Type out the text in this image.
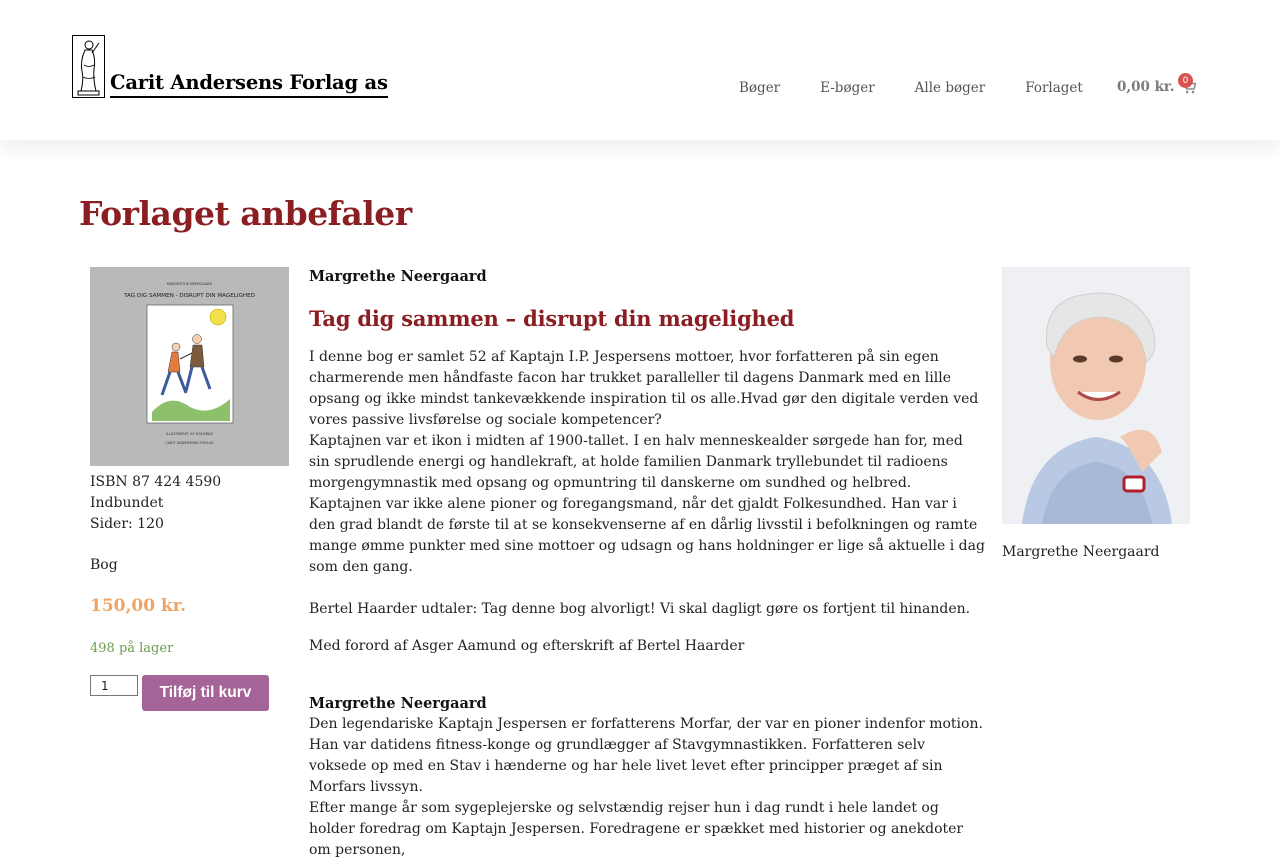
Carit Andersens Forlag as	Bøger	E-bøger	Alle bøger	Forlaget	0,00 kr. 0
Forlaget anbefaler
MARGRETHE NEERGAARD
TAG DIG SAMMEN - DISRUPT DIN MAGELIGHED
ILLUSTRERET AF K.M.BRAD
CARIT ANDERSENS FORLAG
ISBN 87 424 4590
Indbundet
Sider: 120
Bog
150,00 kr.
498 på lager
1
Tilføj til kurv
Margrethe Neergaard
Tag dig sammen – disrupt din magelighed

I denne bog er samlet 52 af Kaptajn I.P. Jespersens mottoer, hvor forfatteren på sin egen charmerende men håndfaste facon har trukket paralleller til dagens Danmark med en lille opsang og ikke mindst tankevækkende inspiration til os alle.Hvad gør den digitale verden ved vores passive livsførelse og sociale kompetencer?

Kaptajnen var et ikon i midten af 1900-tallet. I en halv menneskealder sørgede han for, med sin sprudlende energi og handlekraft, at holde familien Danmark tryllebundet til radioens morgengymnastik med opsang og opmuntring til danskerne om sundhed og helbred. Kaptajnen var ikke alene pioner og foregangsmand, når det gjaldt Folkesundhed. Han var i den grad blandt de første til at se konsekvenserne af en dårlig livsstil i befolkningen og ramte mange ømme punkter med sine mottoer og udsagn og hans holdninger er lige så aktuelle i dag som den gang.

Bertel Haarder udtaler: Tag denne bog alvorligt! Vi skal dagligt gøre os fortjent til hinanden.

Med forord af Asger Aamund og efterskrift af Bertel Haarder

Margrethe Neergaard

Den legendariske Kaptajn Jespersen er forfatterens Morfar, der var en pioner indenfor motion. Han var datidens fitness-konge og grundlægger af Stavgymnastikken. Forfatteren selv voksede op med en Stav i hænderne og har hele livet levet efter principper præget af sin Morfars livssyn.

Efter mange år som sygeplejerske og selvstændig rejser hun i dag rundt i hele landet og holder foredrag om Kaptajn Jespersen. Foredragene er spækket med historier og anekdoter om personen,

Margrethe Neergaard
